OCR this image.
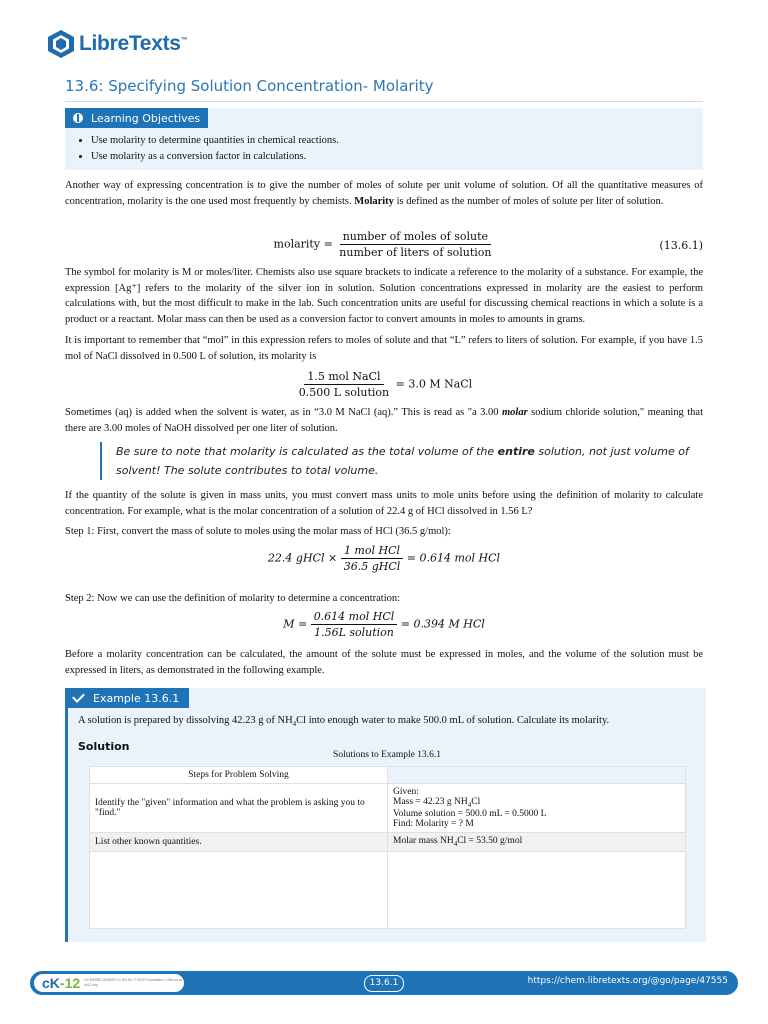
LibreTexts™
13.6: Specifying Solution Concentration- Molarity
Learning Objectives
• Use molarity to determine quantities in chemical reactions.
• Use molarity as a conversion factor in calculations.

Another way of expressing concentration is to give the number of moles of solute per unit volume of solution. Of all the quantitative measures of concentration, molarity is the one used most frequently by chemists. Molarity is defined as the number of moles of solute per liter of solution.

molarity = $\frac{\text{number of moles of solute}}{\text{number of liters of solution}}$	(13.6.1)

The symbol for molarity is M or moles/liter. Chemists also use square brackets to indicate a reference to the molarity of a substance. For example, the expression [Ag⁺] refers to the molarity of the silver ion in solution. Solution concentrations expressed in molarity are the easiest to perform calculations with, but the most difficult to make in the lab. Such concentration units are useful for discussing chemical reactions in which a solute is a product or a reactant. Molar mass can then be used as a conversion factor to convert amounts in moles to amounts in grams.

It is important to remember that “mol” in this expression refers to moles of solute and that “L” refers to liters of solution. For example, if you have 1.5 mol of NaCl dissolved in 0.500 L of solution, its molarity is

$\frac{\text{1.5 mol NaCl}}{\text{0.500 L solution}} = 3.0$ M NaCl

Sometimes (aq) is added when the solvent is water, as in “3.0 M NaCl (aq).” This is read as "a 3.00 molar sodium chloride solution," meaning that there are 3.00 moles of NaOH dissolved per one liter of solution.

Be sure to note that molarity is calculated as the total volume of the entire solution, not just volume of solvent! The solute contributes to total volume.

If the quantity of the solute is given in mass units, you must convert mass units to mole units before using the definition of molarity to calculate concentration. For example, what is the molar concentration of a solution of 22.4 g of HCl dissolved in 1.56 L?

Step 1: First, convert the mass of solute to moles using the molar mass of HCl (36.5 g/mol):

22.4 gHCl × $\frac{\text{1 mol HCl}}{\text{36.5 gHCl}} = 0.614$ mol HCl

Step 2: Now we can use the definition of molarity to determine a concentration:

$M = \frac{\text{0.614 mol HCl}}{\text{1.56L solution}} = 0.394$ M HCl

Before a molarity concentration can be calculated, the amount of the solute must be expressed in moles, and the volume of the solution must be expressed in liters, as demonstrated in the following example.

Example 13.6.1
A solution is prepared by dissolving 42.23 g of $NH_4Cl$ into enough water to make 500.0 mL of solution. Calculate its molarity.
Solution
Solutions to Example 13.6.1
Steps for Problem Solving	
Identify the "given" information and what the problem is asking you to "find."	Given:
Mass = 42.23 g $NH_4Cl$
Volume solution = 500.0 mL = 0.5000 L
Find: Molarity = ? M

List other known quantities.	Molar mass $NH_4Cl = 53.50$ g/mol

cK-12 LICENSED UNDER CC BY-NC © 2020 Foundation • Visit us at ck12.org	13.6.1	https://chem.libretexts.org/@go/page/47555
